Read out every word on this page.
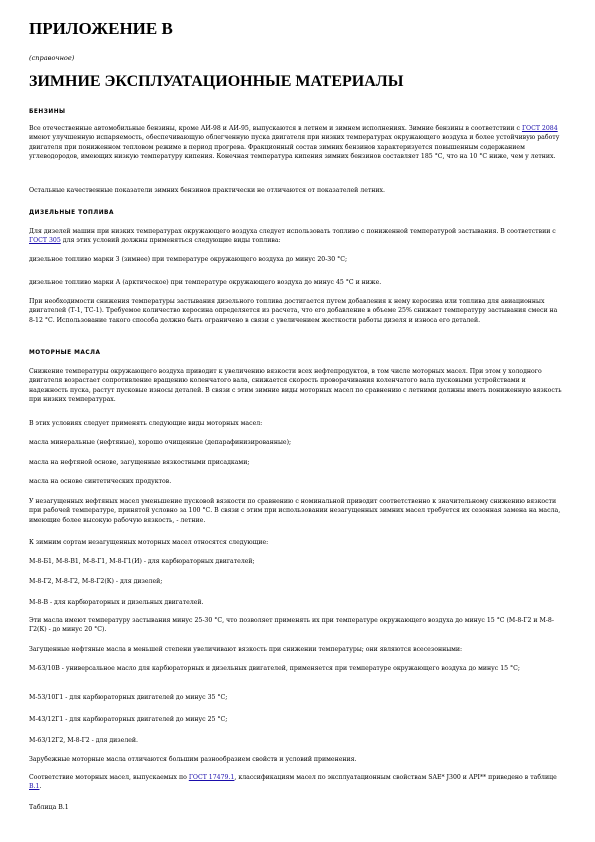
ПРИЛОЖЕНИЕ В

(справочное)

ЗИМНИЕ ЭКСПЛУАТАЦИОННЫЕ МАТЕРИАЛЫ
БЕНЗИНЫ

Все отечественные автомобильные бензины, кроме АИ-98 и АИ-95, выпускаются в летнем и зимнем исполнениях. Зимние бензины в соответствии с ГОСТ 2084 имеют улучшенную испаряемость, обеспечивающую облегченную пуска двигателя при низких температурах окружающего воздуха и более устойчивую работу двигателя при пониженном тепловом режиме в период прогрева. Фракционный состав зимних бензинов характеризуется повышенным содержанием углеводородов, имеющих низкую температуру кипения. Конечная температура кипения зимних бензинов составляет 185 °С, что на 10 °С ниже, чем у летних.

Остальные качественные показатели зимних бензинов практически не отличаются от показателей летних.

ДИЗЕЛЬНЫЕ ТОПЛИВА

Для дизелей машин при низких температурах окружающего воздуха следует использовать топливо с пониженной температурой застывания. В соответствии с ГОСТ 305 для этих условий должны применяться следующие виды топлива:

дизельное топливо марки З (зимнее) при температуре окружающего воздуха до минус 20-30 °С;

дизельное топливо марки А (арктическое) при температуре окружающего воздуха до минус 45 °С и ниже.

При необходимости снижения температуры застывания дизельного топлива достигается путем добавления к нему керосина или топлива для авиационных двигателей (Т-1, ТС-1). Требуемое количество керосина определяется из расчета, что его добавление в объеме 25% снижает температуру застывания смеси на 8-12 °С. Использование такого способа должно быть ограничено в связи с увеличением жесткости работы дизеля и износа его деталей.

МОТОРНЫЕ МАСЛА

Снижение температуры окружающего воздуха приводит к увеличению вязкости всех нефтепродуктов, в том числе моторных масел. При этом у холодного двигателя возрастает сопротивление вращению коленчатого вала, снижается скорость проворачивания коленчатого вала пусковыми устройствами и надежность пуска, растут пусковые износы деталей. В связи с этим зимние виды моторных масел по сравнению с летними должны иметь пониженную вязкость при низких температурах.

В этих условиях следует применять следующие виды моторных масел:

масла минеральные (нефтяные), хорошо очищенные (депарафинизированные);

масла на нефтяной основе, загущенные вязкостными присадками;

масла на основе синтетических продуктов.

У незагущенных нефтяных масел уменьшение пусковой вязкости по сравнению с номинальной приводит соответственно к значительному снижению вязкости при рабочей температуре, принятой условно за 100 °С. В связи с этим при использовании незагущенных зимних масел требуется их сезонная замена на масла, имеющие более высокую рабочую вязкость, - летние.

К зимним сортам незагущенных моторных масел относятся следующие:

М-8-Б1, М-8-В1, М-8-Г1, М-8-Г1(И) - для карбюраторных двигателей;

М-8-Г2, М-8-Г2, М-8-Г2(К) - для дизелей;

М-8-В - для карбюраторных и дизельных двигателей.

Эти масла имеют температуру застывания минус 25-30 °С, что позволяет применять их при температуре окружающего воздуха до минус 15 °С (М-8-Г2 и М-8-Г2(К) - до минус 20 °С).

Загущенные нефтяные масла в меньшей степени увеличивают вязкость при снижении температуры; они являются всесезонными:

М-63/10В - универсальное масло для карбюраторных и дизельных двигателей, применяется при температуре окружающего воздуха до минус 15 °С;

М-53/10Г1 - для карбюраторных двигателей до минус 35 °С;

М-43/12Г1 - для карбюраторных двигателей до минус 25 °С;

М-63/12Г2, М-8-Г2 - для дизелей.

Зарубежные моторные масла отличаются большим разнообразием свойств и условий применения.

Соответствие моторных масел, выпускаемых по ГОСТ 17479.1, классификациям масел по эксплуатационным свойствам SAE* J300 и API** приведено в таблице В.1.

Таблица В.1
